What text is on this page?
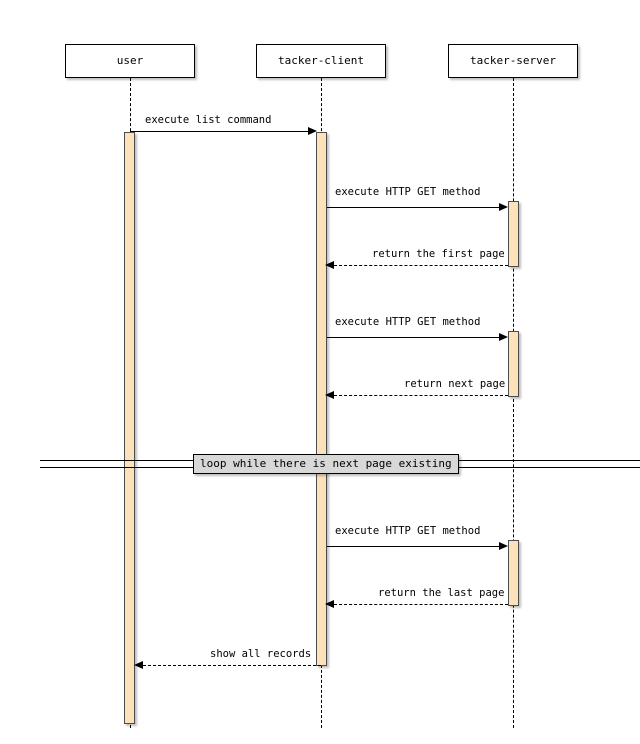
user	tacker-client	tacker-server
execute list command
execute HTTP GET method
return the first page
execute HTTP GET method
return next page
loop while there is next page existing
execute HTTP GET method
return the last page
show all records
